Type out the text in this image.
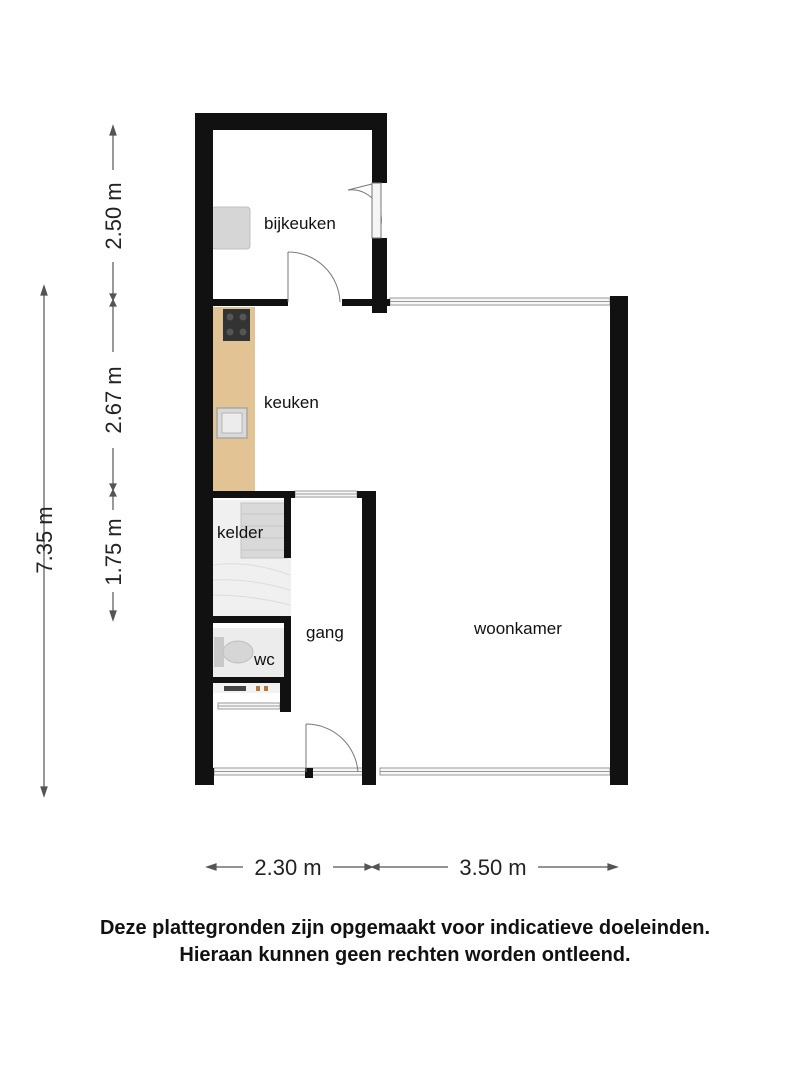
7.35 m
2.50 m
2.67 m
1.75 m
2.30 m	3.50 m
bijkeuken
keuken
kelder
gang
wc
woonkamer
Deze plattegronden zijn opgemaakt voor indicatieve doeleinden.
Hieraan kunnen geen rechten worden ontleend.
